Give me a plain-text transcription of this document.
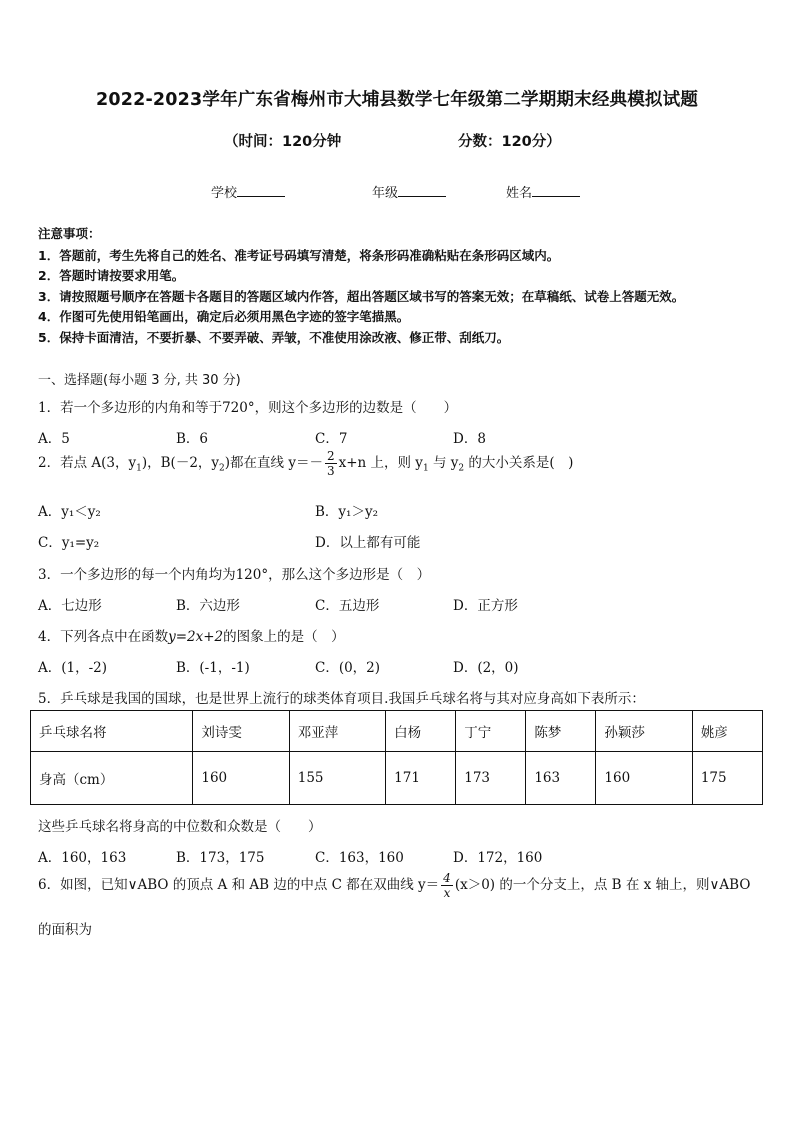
2022-2023学年广东省梅州市大埔县数学七年级第二学期期末经典模拟试题
（时间：120分钟	分数：120分）
学校	年级	姓名
注意事项：
1．答题前，考生先将自己的姓名、准考证号码填写清楚，将条形码准确粘贴在条形码区域内。
2．答题时请按要求用笔。
3．请按照题号顺序在答题卡各题目的答题区域内作答，超出答题区域书写的答案无效；在草稿纸、试卷上答题无效。
4．作图可先使用铅笔画出，确定后必须用黑色字迹的签字笔描黑。
5．保持卡面清洁，不要折暴、不要弄破、弄皱，不准使用涂改液、修正带、刮纸刀。
一、选择题(每小题 3 分, 共 30 分)
1．若一个多边形的内角和等于720°，则这个多边形的边数是（　　）
A．5	B．6	C．7	D．8
2．若点 A(3，$y_1$)，B(－2，$y_2$)都在直线 $y=- \frac{2}{3} x+n$ 上，则 $y_1$ 与 $y_2$ 的大小关系是(　)
A．y₁＜y₂	B．y₁＞y₂
C．y₁=y₂	D．以上都有可能
3．一个多边形的每一个内角均为120°，那么这个多边形是（　）
A．七边形	B．六边形	C．五边形	D．正方形
4．下列各点中在函数y=2x+2的图象上的是（　）
A．(1，-2)	B．(-1，-1)	C．(0，2)	D．(2，0)
5．乒乓球是我国的国球，也是世界上流行的球类体育项目.我国乒乓球名将与其对应身高如下表所示：
乒乓球名将	刘诗雯	邓亚萍	白杨	丁宁	陈梦	孙颖莎	姚彦
身高（cm）	160	155	171	173	163	160	175
这些乒乓球名将身高的中位数和众数是（　　）
A．160，163	B．173，175	C．163，160	D．172，160
6．如图，已知∨ABO 的顶点 A 和 AB 边的中点 C 都在双曲线 $y= \frac{4}{x} (x>0)$ 的一个分支上，点 B 在 x 轴上，则∨ABO
的面积为
